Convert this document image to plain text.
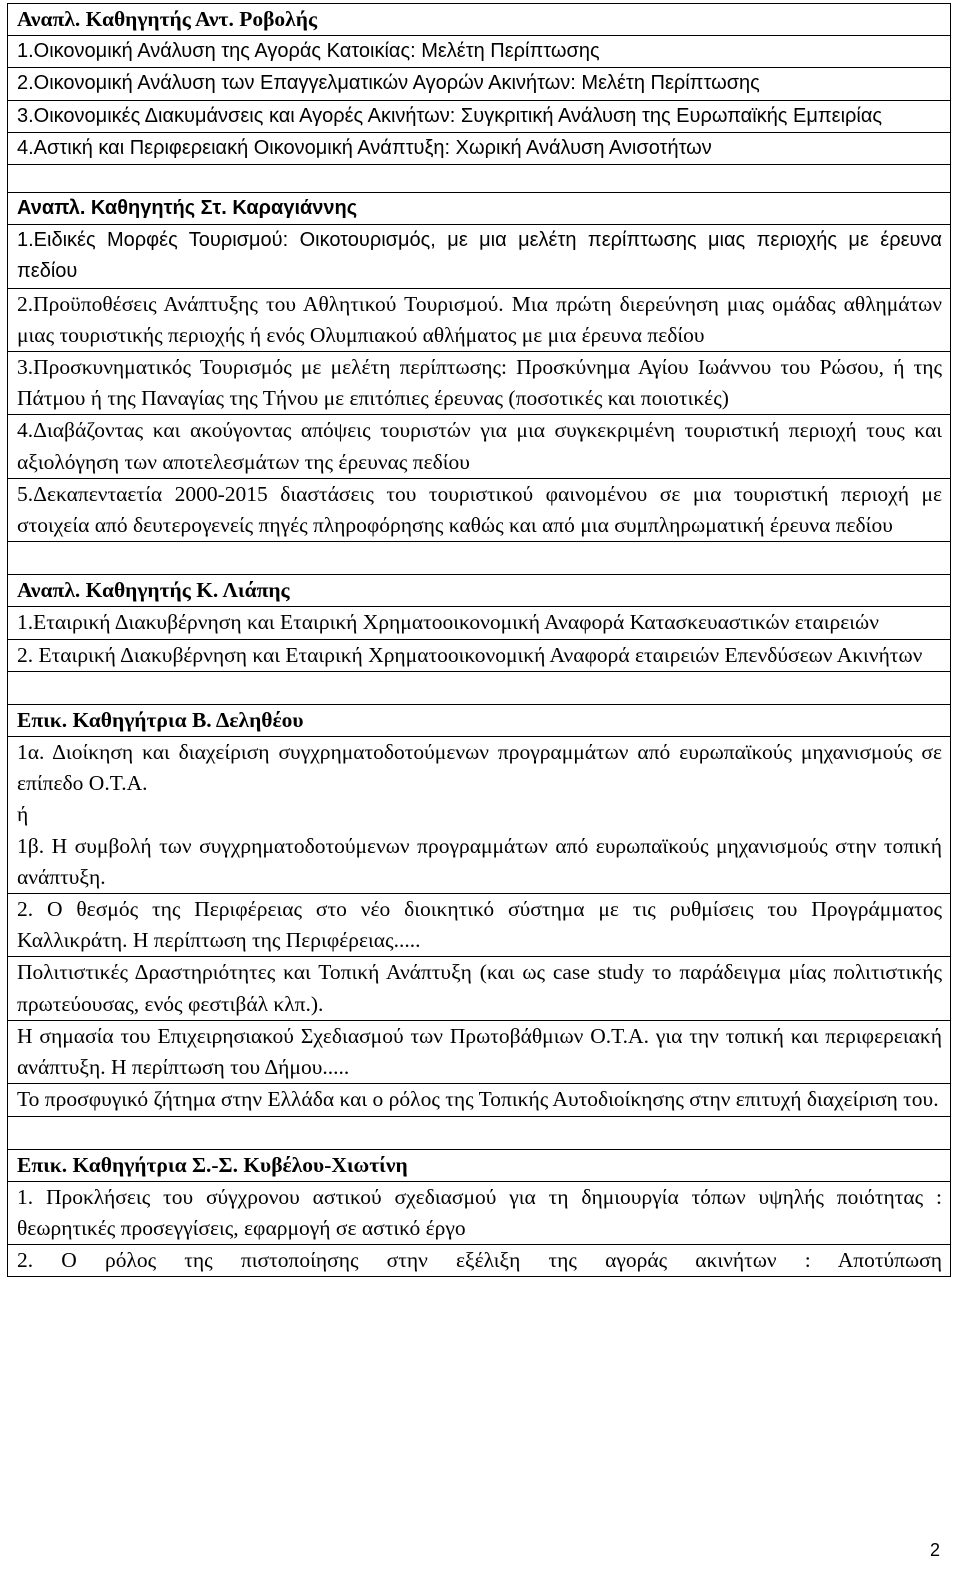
Αναπλ. Καθηγητής Αντ. Ροβολής
1.Οικονομική Ανάλυση της Αγοράς Κατοικίας: Μελέτη Περίπτωσης
2.Οικονομική Ανάλυση των Επαγγελματικών Αγορών Ακινήτων: Μελέτη Περίπτωσης
3.Οικονομικές Διακυμάνσεις και Αγορές Ακινήτων: Συγκριτική Ανάλυση της Ευρωπαϊκής Εμπειρίας
4.Αστική και Περιφερειακή Οικονομική Ανάπτυξη: Χωρική Ανάλυση Ανισοτήτων

Αναπλ. Καθηγητής Στ. Καραγιάννης
1.Ειδικές Μορφές Τουρισμού: Οικοτουρισμός, με μια μελέτη περίπτωσης μιας περιοχής με έρευνα πεδίου
2.Προϋποθέσεις Ανάπτυξης του Αθλητικού Τουρισμού. Μια πρώτη διερεύνηση μιας ομάδας αθλημάτων μιας τουριστικής περιοχής ή ενός Ολυμπιακού αθλήματος με μια έρευνα πεδίου
3.Προσκυνηματικός Τουρισμός με μελέτη περίπτωσης: Προσκύνημα Αγίου Ιωάννου του Ρώσου, ή της Πάτμου ή της Παναγίας της Τήνου με επιτόπιες έρευνας (ποσοτικές και ποιοτικές)
4.Διαβάζοντας και ακούγοντας απόψεις τουριστών για μια συγκεκριμένη τουριστική περιοχή τους και αξιολόγηση των αποτελεσμάτων της έρευνας πεδίου
5.Δεκαπενταετία 2000-2015 διαστάσεις του τουριστικού φαινομένου σε μια τουριστική περιοχή με στοιχεία από δευτερογενείς πηγές πληροφόρησης καθώς και από μια συμπληρωματική έρευνα πεδίου

Αναπλ. Καθηγητής Κ. Λιάπης
1.Εταιρική Διακυβέρνηση και Εταιρική Χρηματοοικονομική Αναφορά Κατασκευαστικών εταιρειών
2. Εταιρική Διακυβέρνηση και Εταιρική Χρηματοοικονομική Αναφορά εταιρειών Επενδύσεων Ακινήτων

Επικ. Καθηγήτρια Β. Δεληθέου
1α. Διοίκηση και διαχείριση συγχρηματοδοτούμενων προγραμμάτων από ευρωπαϊκούς μηχανισμούς σε επίπεδο Ο.Τ.Α.
ή
1β. Η συμβολή των συγχρηματοδοτούμενων προγραμμάτων από ευρωπαϊκούς μηχανισμούς στην τοπική ανάπτυξη.
2. Ο θεσμός της Περιφέρειας στο νέο διοικητικό σύστημα με τις ρυθμίσεις του Προγράμματος Καλλικράτη. Η περίπτωση της Περιφέρειας.....
Πολιτιστικές Δραστηριότητες και Τοπική Ανάπτυξη (και ως case study το παράδειγμα μίας πολιτιστικής πρωτεύουσας, ενός φεστιβάλ κλπ.).
Η σημασία του Επιχειρησιακού Σχεδιασμού των Πρωτοβάθμιων Ο.Τ.Α. για την τοπική και περιφερειακή ανάπτυξη. Η περίπτωση του Δήμου.....
Το προσφυγικό ζήτημα στην Ελλάδα και ο ρόλος της Τοπικής Αυτοδιοίκησης στην επιτυχή διαχείριση του.

Επικ. Καθηγήτρια Σ.-Σ. Κυβέλου-Χιωτίνη
1. Προκλήσεις του σύγχρονου αστικού σχεδιασμού για τη δημιουργία τόπων υψηλής ποιότητας : θεωρητικές προσεγγίσεις, εφαρμογή σε αστικό έργο
2. Ο ρόλος της πιστοποίησης στην εξέλιξη της αγοράς ακινήτων : Αποτύπωση
2
